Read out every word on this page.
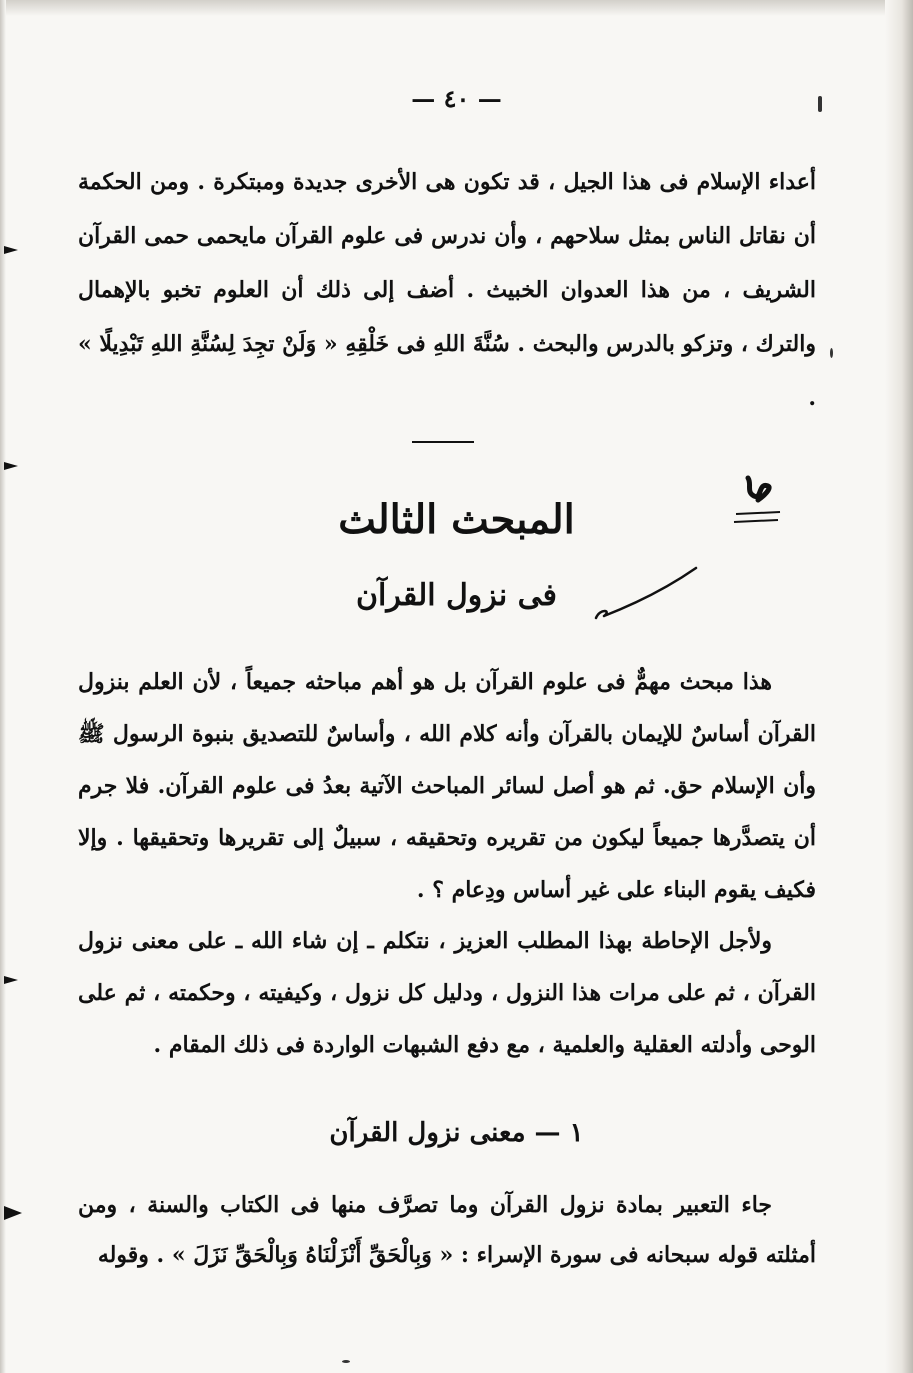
— ٤٠ —

أعداء الإسلام فى هذا الجيل ، قد تكون هى الأخرى جديدة ومبتكرة . ومن الحكمة أن نقاتل الناس بمثل سلاحهم ، وأن ندرس فى علوم القرآن مايحمى حمى القرآن الشريف ، من هذا العدوان الخبيث . أضف إلى ذلك أن العلوم تخبو بالإهمال والترك ، وتزكو بالدرس والبحث . سُنَّةَ اللهِ فى خَلْقِهِ « وَلَنْ تجِدَ لِسُنَّةِ اللهِ تَبْدِيلًا » .

المبحث الثالث
فى نزول القرآن

هذا مبحث مهمٌّ فى علوم القرآن بل هو أهم مباحثه جميعاً ، لأن العلم بنزول القرآن أساسٌ للإيمان بالقرآن وأنه كلام الله ، وأساسٌ للتصديق بنبوة الرسول ﷺ وأن الإسلام حق. ثم هو أصل لسائر المباحث الآتية بعدُ فى علوم القرآن. فلا جرم أن يتصدَّرها جميعاً ليكون من تقريره وتحقيقه ، سبيلٌ إلى تقريرها وتحقيقها . وإلا فكيف يقوم البناء على غير أساس ودِعام ؟ .

ولأجل الإحاطة بهذا المطلب العزيز ، نتكلم ـ إن شاء الله ـ على معنى نزول القرآن ، ثم على مرات هذا النزول ، ودليل كل نزول ، وكيفيته ، وحكمته ، ثم على الوحى وأدلته العقلية والعلمية ، مع دفع الشبهات الواردة فى ذلك المقام .

١ — معنى نزول القرآن

جاء التعبير بمادة نزول القرآن وما تصرَّف منها فى الكتاب والسنة ، ومن أمثلته قوله سبحانه فى سورة الإسراء : « وَبِالْحَقِّ أَنْزَلْنَاهُ وَبِالْحَقِّ نَزَلَ » . وقوله
